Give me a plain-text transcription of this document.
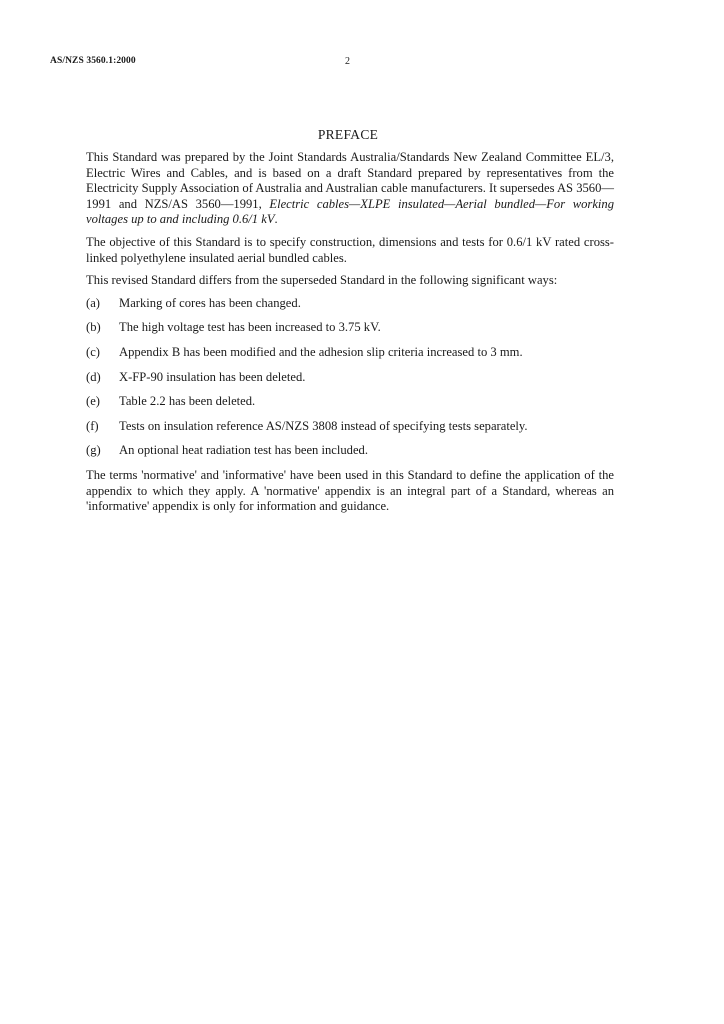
AS/NZS 3560.1:2000	2
PREFACE

This Standard was prepared by the Joint Standards Australia/Standards New Zealand Committee EL/3, Electric Wires and Cables, and is based on a draft Standard prepared by representatives from the Electricity Supply Association of Australia and Australian cable manufacturers. It supersedes AS 3560—1991 and NZS/AS 3560—1991, Electric cables—XLPE insulated—Aerial bundled—For working voltages up to and including 0.6/1 kV.

The objective of this Standard is to specify construction, dimensions and tests for 0.6/1 kV rated cross-linked polyethylene insulated aerial bundled cables.

This revised Standard differs from the superseded Standard in the following significant ways:

(a)	Marking of cores has been changed.
(b)	The high voltage test has been increased to 3.75 kV.
(c)	Appendix B has been modified and the adhesion slip criteria increased to 3 mm.
(d)	X-FP-90 insulation has been deleted.
(e)	Table 2.2 has been deleted.
(f)	Tests on insulation reference AS/NZS 3808 instead of specifying tests separately.
(g)	An optional heat radiation test has been included.

The terms 'normative' and 'informative' have been used in this Standard to define the application of the appendix to which they apply. A 'normative' appendix is an integral part of a Standard, whereas an 'informative' appendix is only for information and guidance.
